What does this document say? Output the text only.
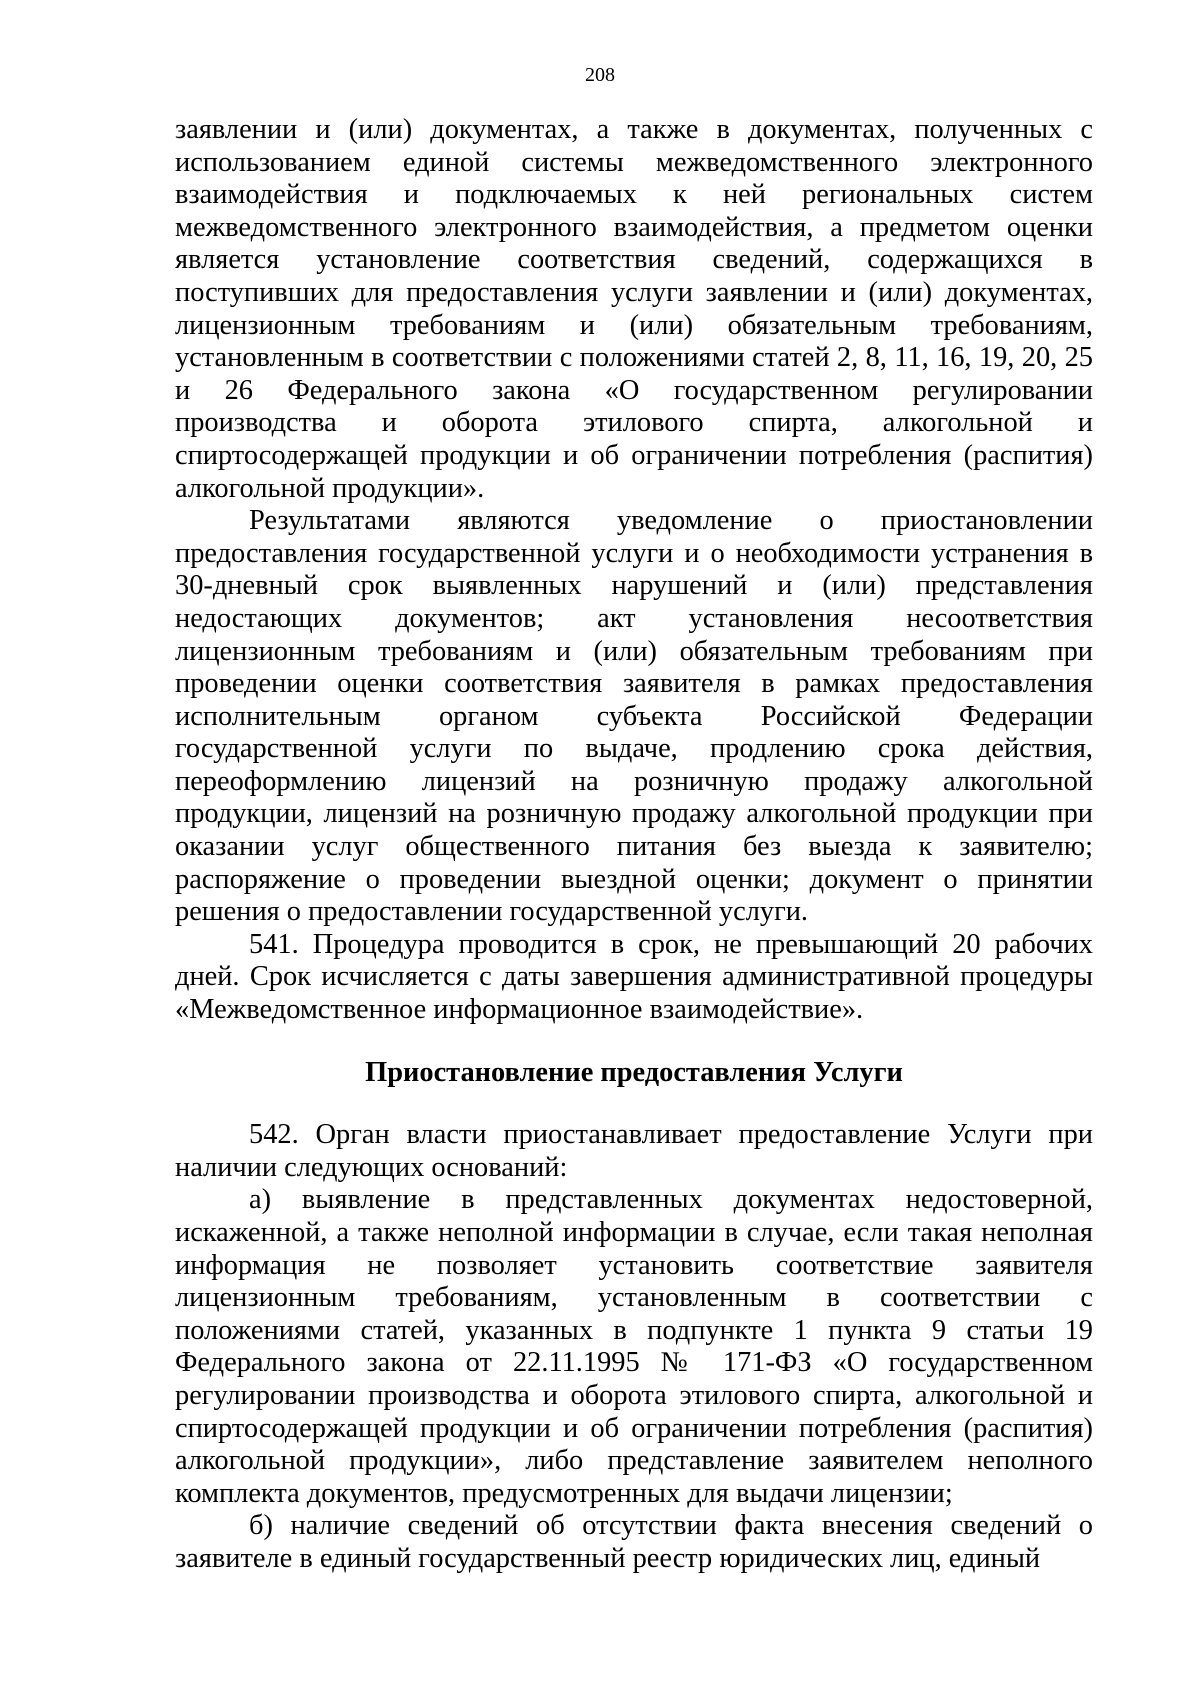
208

заявлении и (или) документах, а также в документах, полученных с использованием единой системы межведомственного электронного взаимодействия и подключаемых к ней региональных систем межведомственного электронного взаимодействия, а предметом оценки является установление соответствия сведений, содержащихся в поступивших для предоставления услуги заявлении и (или) документах, лицензионным требованиям и (или) обязательным требованиям, установленным в соответствии с положениями статей 2, 8, 11, 16, 19, 20, 25 и 26 Федерального закона «О государственном регулировании производства и оборота этилового спирта, алкогольной и спиртосодержащей продукции и об ограничении потребления (распития) алкогольной продукции».

Результатами являются уведомление о приостановлении предоставления государственной услуги и о необходимости устранения в 30-дневный срок выявленных нарушений и (или) представления недостающих документов; акт установления несоответствия лицензионным требованиям и (или) обязательным требованиям при проведении оценки соответствия заявителя в рамках предоставления исполнительным органом субъекта Российской Федерации государственной услуги по выдаче, продлению срока действия, переоформлению лицензий на розничную продажу алкогольной продукции, лицензий на розничную продажу алкогольной продукции при оказании услуг общественного питания без выезда к заявителю; распоряжение о проведении выездной оценки; документ о принятии решения о предоставлении государственной услуги.

541. Процедура проводится в срок, не превышающий 20 рабочих дней. Срок исчисляется с даты завершения административной процедуры «Межведомственное информационное взаимодействие».

Приостановление предоставления Услуги

542. Орган власти приостанавливает предоставление Услуги при наличии следующих оснований:

а) выявление в представленных документах недостоверной, искаженной, а также неполной информации в случае, если такая неполная информация не позволяет установить соответствие заявителя лицензионным требованиям, установленным в соответствии с положениями статей, указанных в подпункте 1 пункта 9 статьи 19 Федерального закона от 22.11.1995 № 171-ФЗ «О государственном регулировании производства и оборота этилового спирта, алкогольной и спиртосодержащей продукции и об ограничении потребления (распития) алкогольной продукции», либо представление заявителем неполного комплекта документов, предусмотренных для выдачи лицензии;

б) наличие сведений об отсутствии факта внесения сведений о заявителе в единый государственный реестр юридических лиц, единый
